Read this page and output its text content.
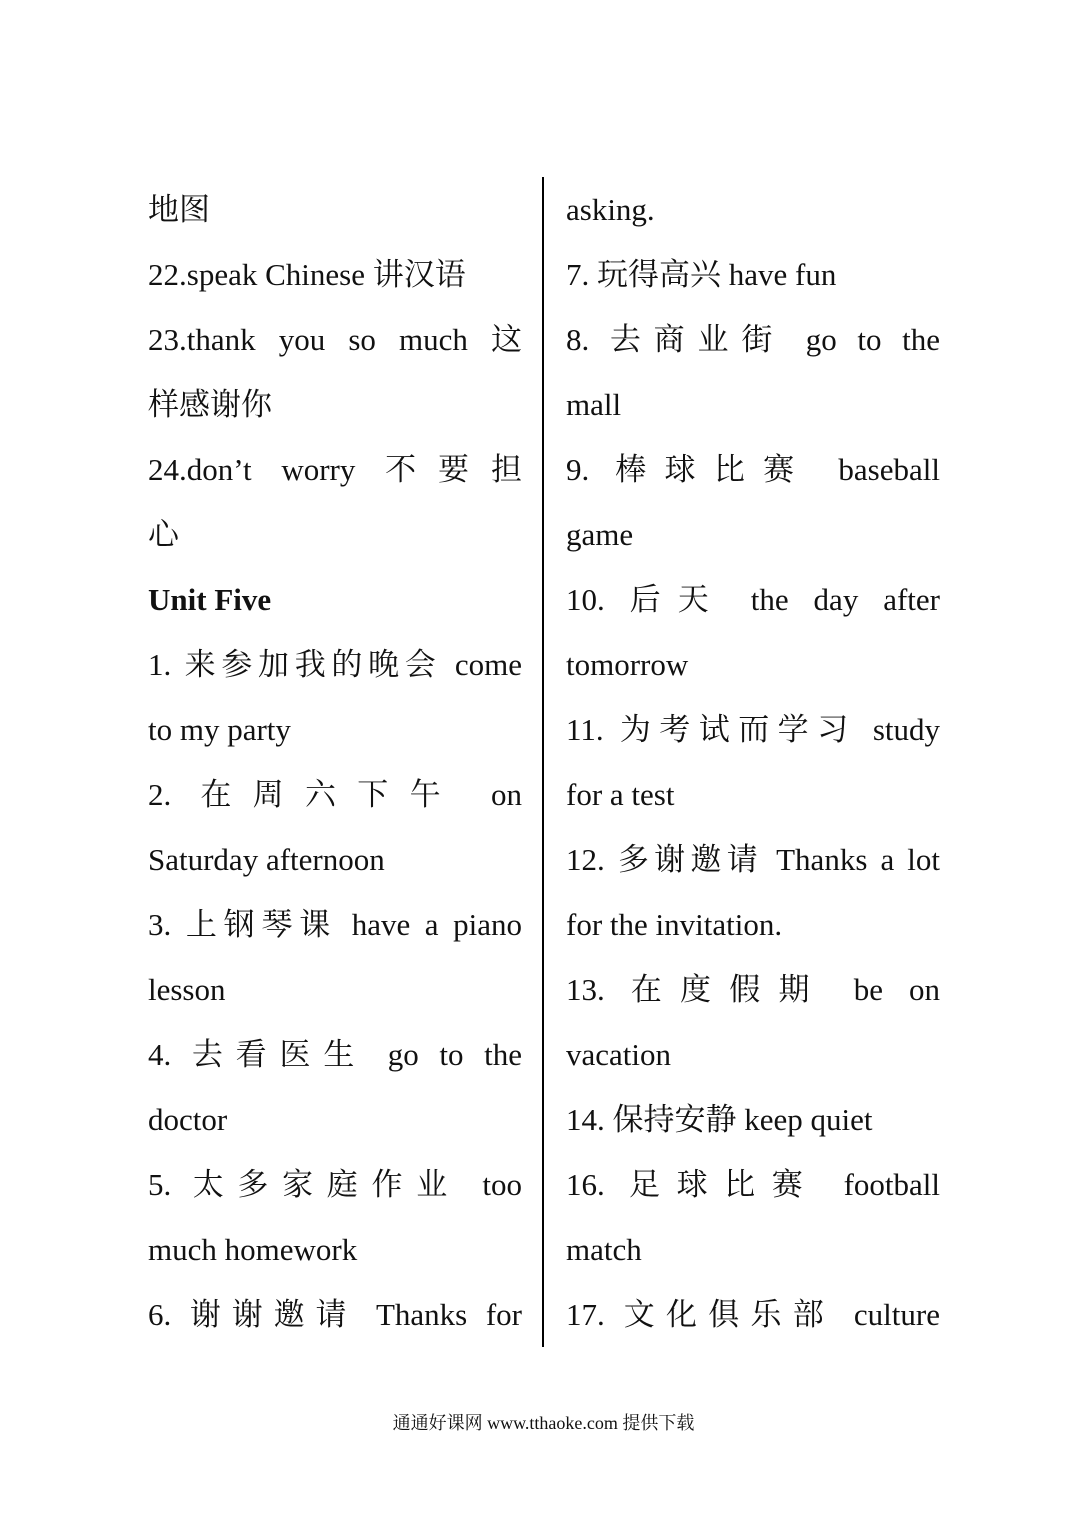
地图
22.speak Chinese 讲汉语
23.thank you so much 这
样感谢你
24.don’t worry 不要担
心
Unit Five
1. 来参加我的晚会 come
to my party
2. 在周六下午 on
Saturday afternoon
3. 上钢琴课 have a piano
lesson
4. 去看医生 go to the
doctor
5. 太多家庭作业 too
much homework
6. 谢谢邀请 Thanks for
asking.
7. 玩得高兴 have fun
8. 去商业街 go to the
mall
9. 棒球比赛 baseball
game
10. 后天 the day after
tomorrow
11. 为考试而学习 study
for a test
12. 多谢邀请 Thanks a lot
for the invitation.
13. 在度假期 be on
vacation
14. 保持安静 keep quiet
16. 足球比赛 football
match
17. 文化俱乐部 culture
通通好课网 www.tthaoke.com 提供下载
